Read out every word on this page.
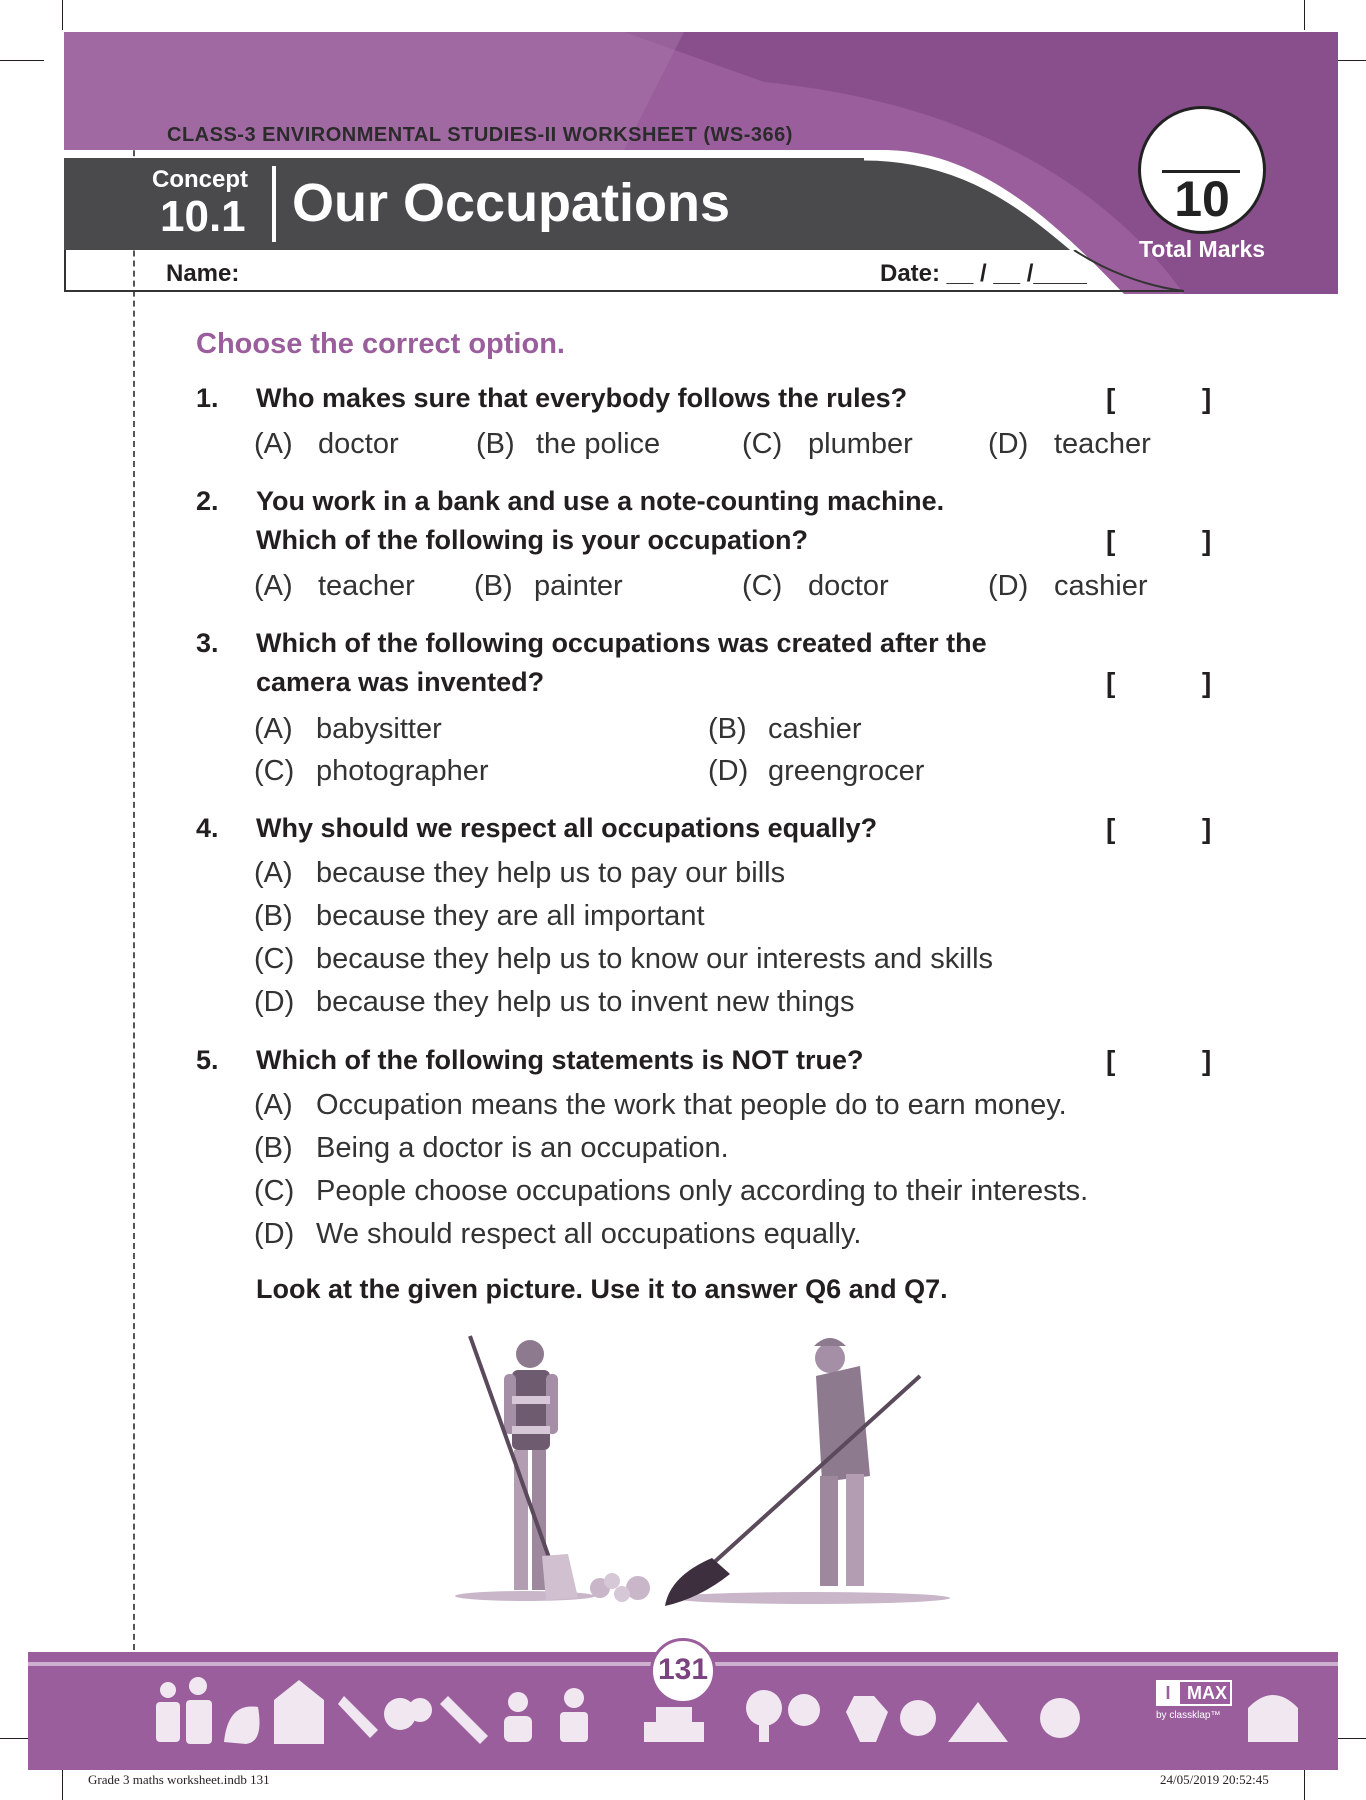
CLASS-3 ENVIRONMENTAL STUDIES-II WORKSHEET (WS-366)
Concept
10.1 Our Occupations
Name:	Date: __ / __ /____
10
Total Marks
Choose the correct option.
1. Who makes sure that everybody follows the rules?	[	]
(A) doctor	(B) the police	(C) plumber	(D) teacher
2. You work in a bank and use a note-counting machine.
Which of the following is your occupation?	[	]
(A) teacher (B) painter	(C) doctor	(D) cashier
3. Which of the following occupations was created after the
camera was invented?	[	]
(A) babysitter	(B) cashier
(C) photographer	(D) greengrocer
4. Why should we respect all occupations equally?	[	]
(A) because they help us to pay our bills
(B) because they are all important
(C) because they help us to know our interests and skills
(D) because they help us to invent new things
5. Which of the following statements is NOT true?	[	]
(A) Occupation means the work that people do to earn money.
(B) Being a doctor is an occupation.
(C) People choose occupations only according to their interests.
(D) We should respect all occupations equally.
Look at the given picture. Use it to answer Q6 and Q7.
131
I MAX
by classklap™
Grade 3 maths worksheet.indb 131	24/05/2019 20:52:45
